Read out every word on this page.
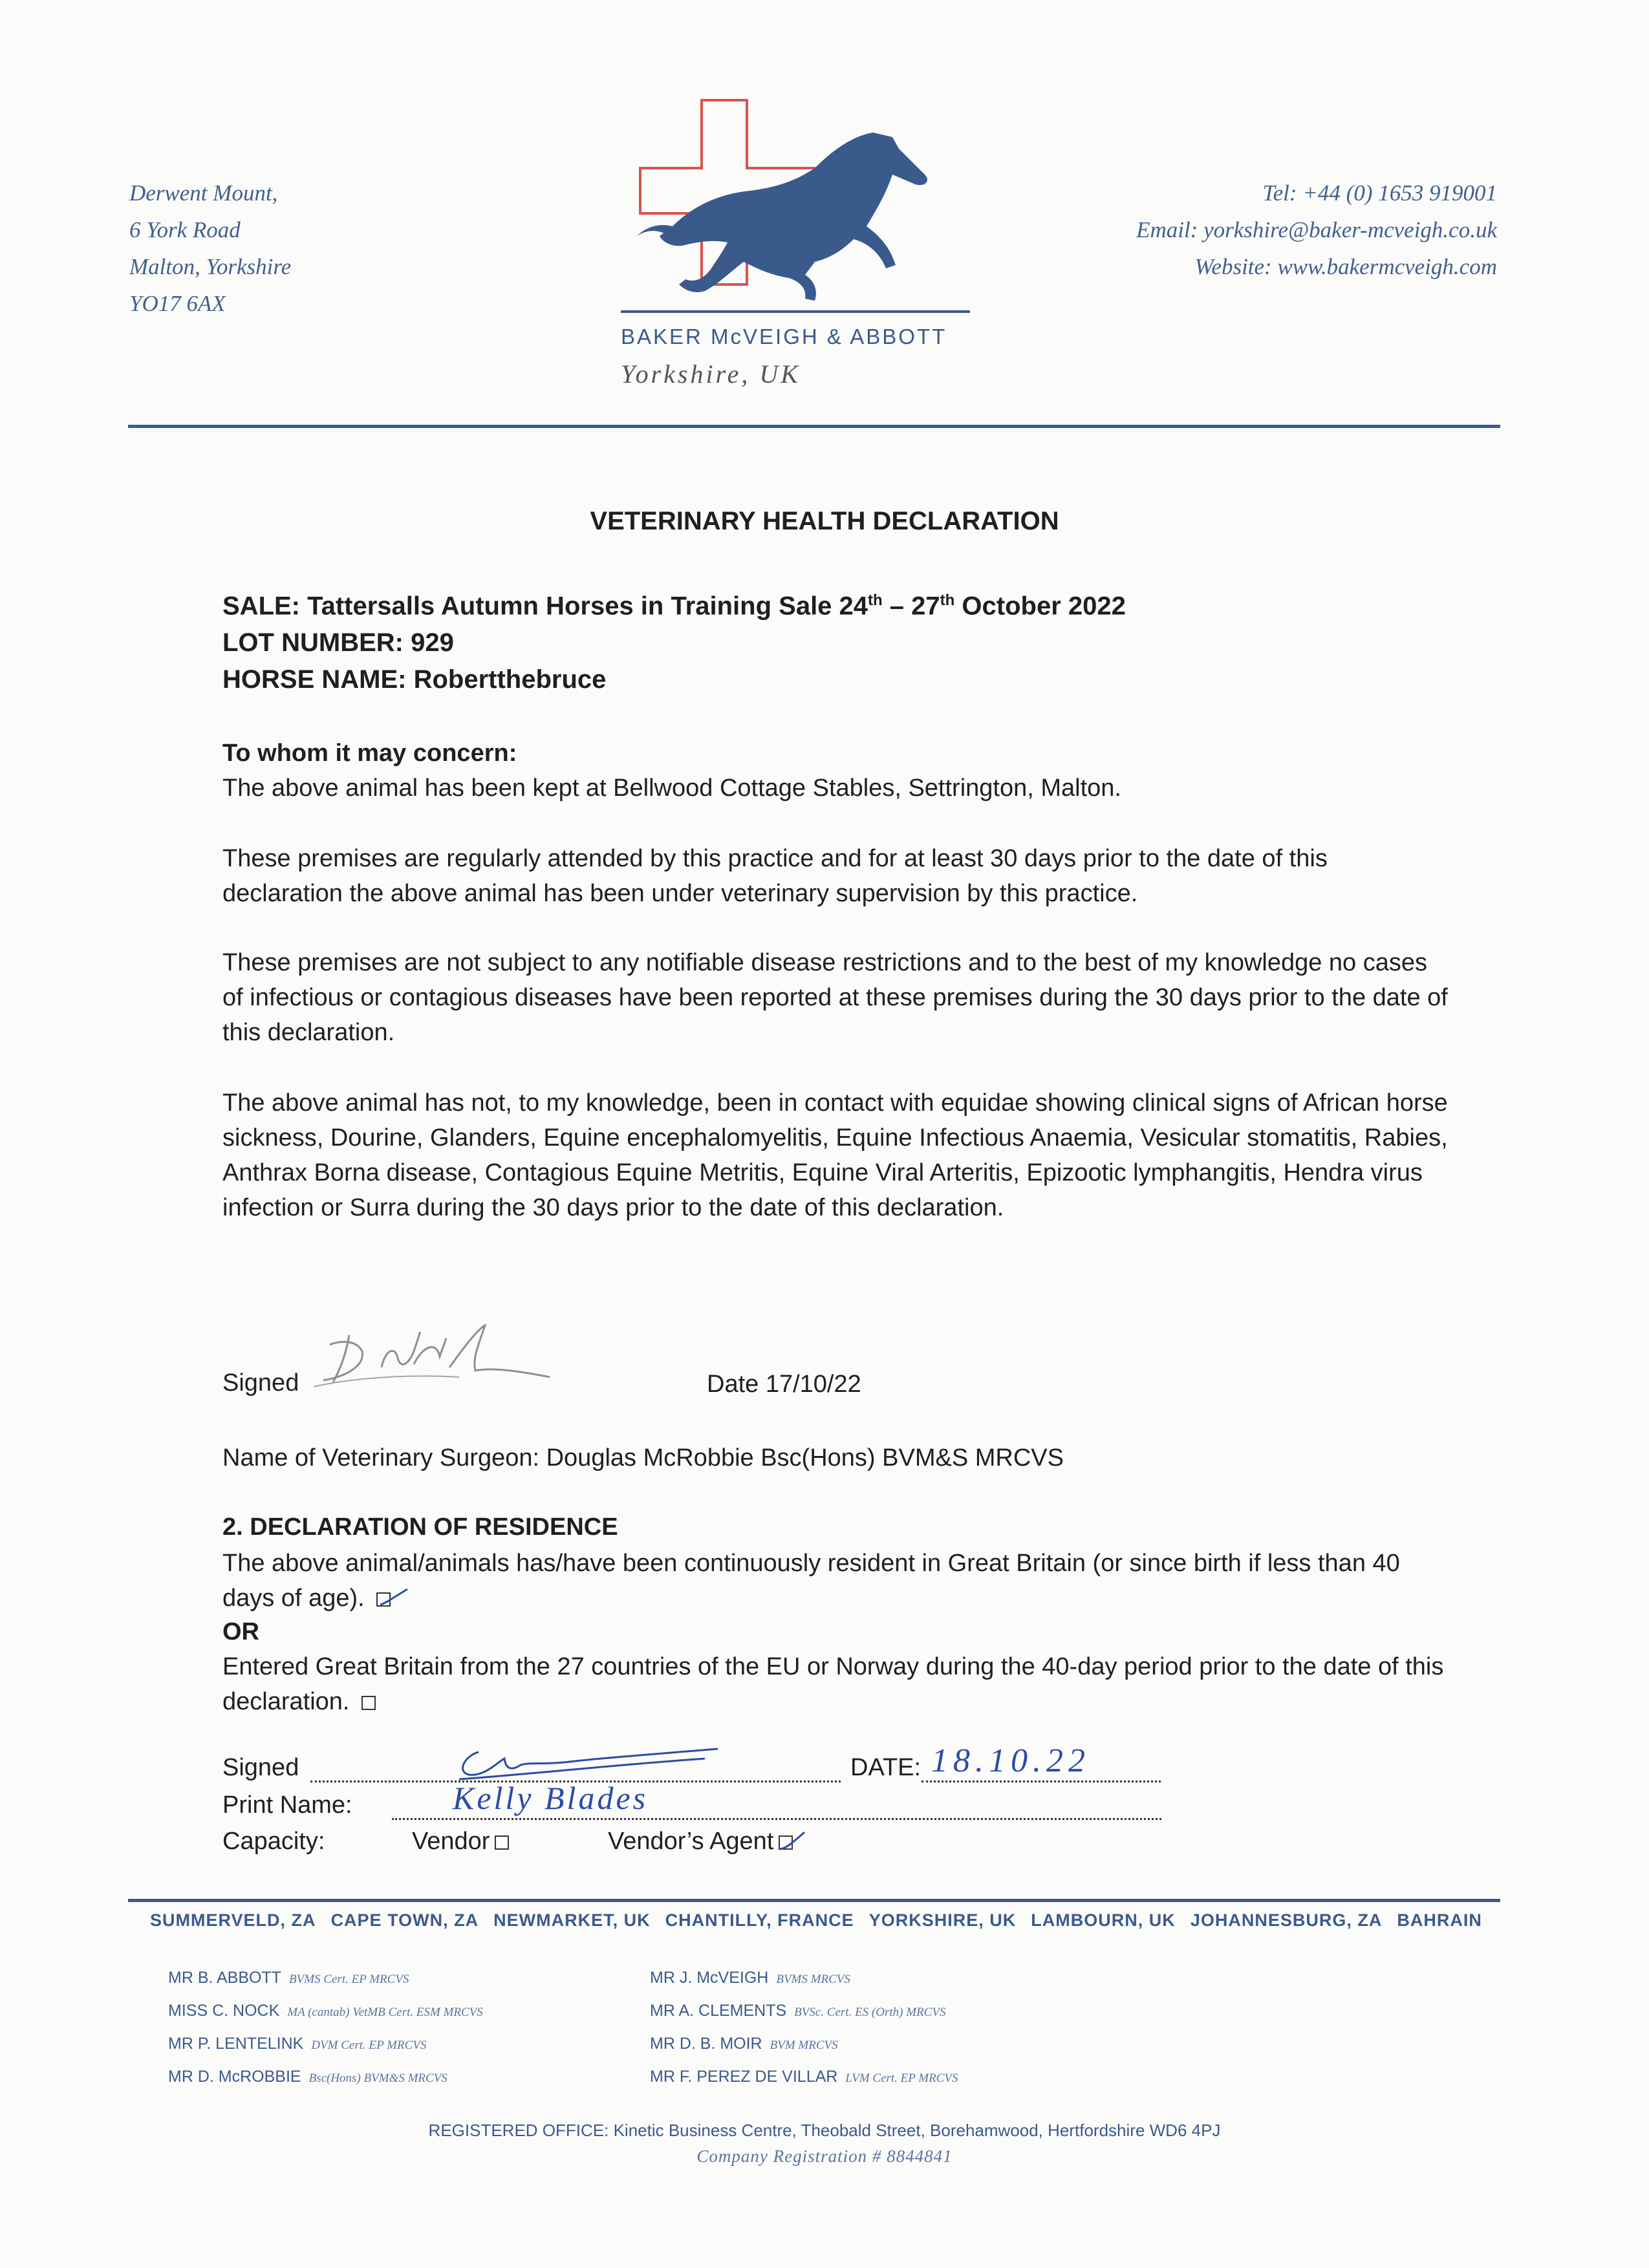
Derwent Mount,
6 York Road
Malton, Yorkshire
YO17 6AX
BAKER McVEIGH & ABBOTT
Yorkshire, UK
Tel: +44 (0) 1653 919001
Email: yorkshire@baker-mcveigh.co.uk
Website: www.bakermcveigh.com
VETERINARY HEALTH DECLARATION
SALE: Tattersalls Autumn Horses in Training Sale 24th – 27th October 2022
LOT NUMBER: 929
HORSE NAME: Robertthebruce
To whom it may concern:
The above animal has been kept at Bellwood Cottage Stables, Settrington, Malton.
These premises are regularly attended by this practice and for at least 30 days prior to the date of this declaration the above animal has been under veterinary supervision by this practice.
These premises are not subject to any notifiable disease restrictions and to the best of my knowledge no cases of infectious or contagious diseases have been reported at these premises during the 30 days prior to the date of this declaration.
The above animal has not, to my knowledge, been in contact with equidae showing clinical signs of African horse sickness, Dourine, Glanders, Equine encephalomyelitis, Equine Infectious Anaemia, Vesicular stomatitis, Rabies, Anthrax Borna disease, Contagious Equine Metritis, Equine Viral Arteritis, Epizootic lymphangitis, Hendra virus infection or Surra during the 30 days prior to the date of this declaration.
Signed	Date 17/10/22
Name of Veterinary Surgeon: Douglas McRobbie Bsc(Hons) BVM&S MRCVS
2. DECLARATION OF RESIDENCE
The above animal/animals has/have been continuously resident in Great Britain (or since birth if less than 40 days of age).
OR
Entered Great Britain from the 27 countries of the EU or Norway during the 40-day period prior to the date of this declaration.
Signed	DATE: 18.10.22
Print Name:	Kelly Blades
Capacity:	Vendor	Vendor’s Agent
SUMMERVELD, ZA CAPE TOWN, ZA NEWMARKET, UK CHANTILLY, FRANCE YORKSHIRE, UK LAMBOURN, UK JOHANNESBURG, ZA BAHRAIN
MR B. ABBOTT BVMS Cert. EP MRCVS
MISS C. NOCK MA (cantab) VetMB Cert. ESM MRCVS
MR P. LENTELINK DVM Cert. EP MRCVS
MR D. McROBBIE Bsc(Hons) BVM&S MRCVS
MR J. McVEIGH BVMS MRCVS
MR A. CLEMENTS BVSc. Cert. ES (Orth) MRCVS
MR D. B. MOIR BVM MRCVS
MR F. PEREZ DE VILLAR LVM Cert. EP MRCVS
REGISTERED OFFICE: Kinetic Business Centre, Theobald Street, Borehamwood, Hertfordshire WD6 4PJ
Company Registration # 8844841
